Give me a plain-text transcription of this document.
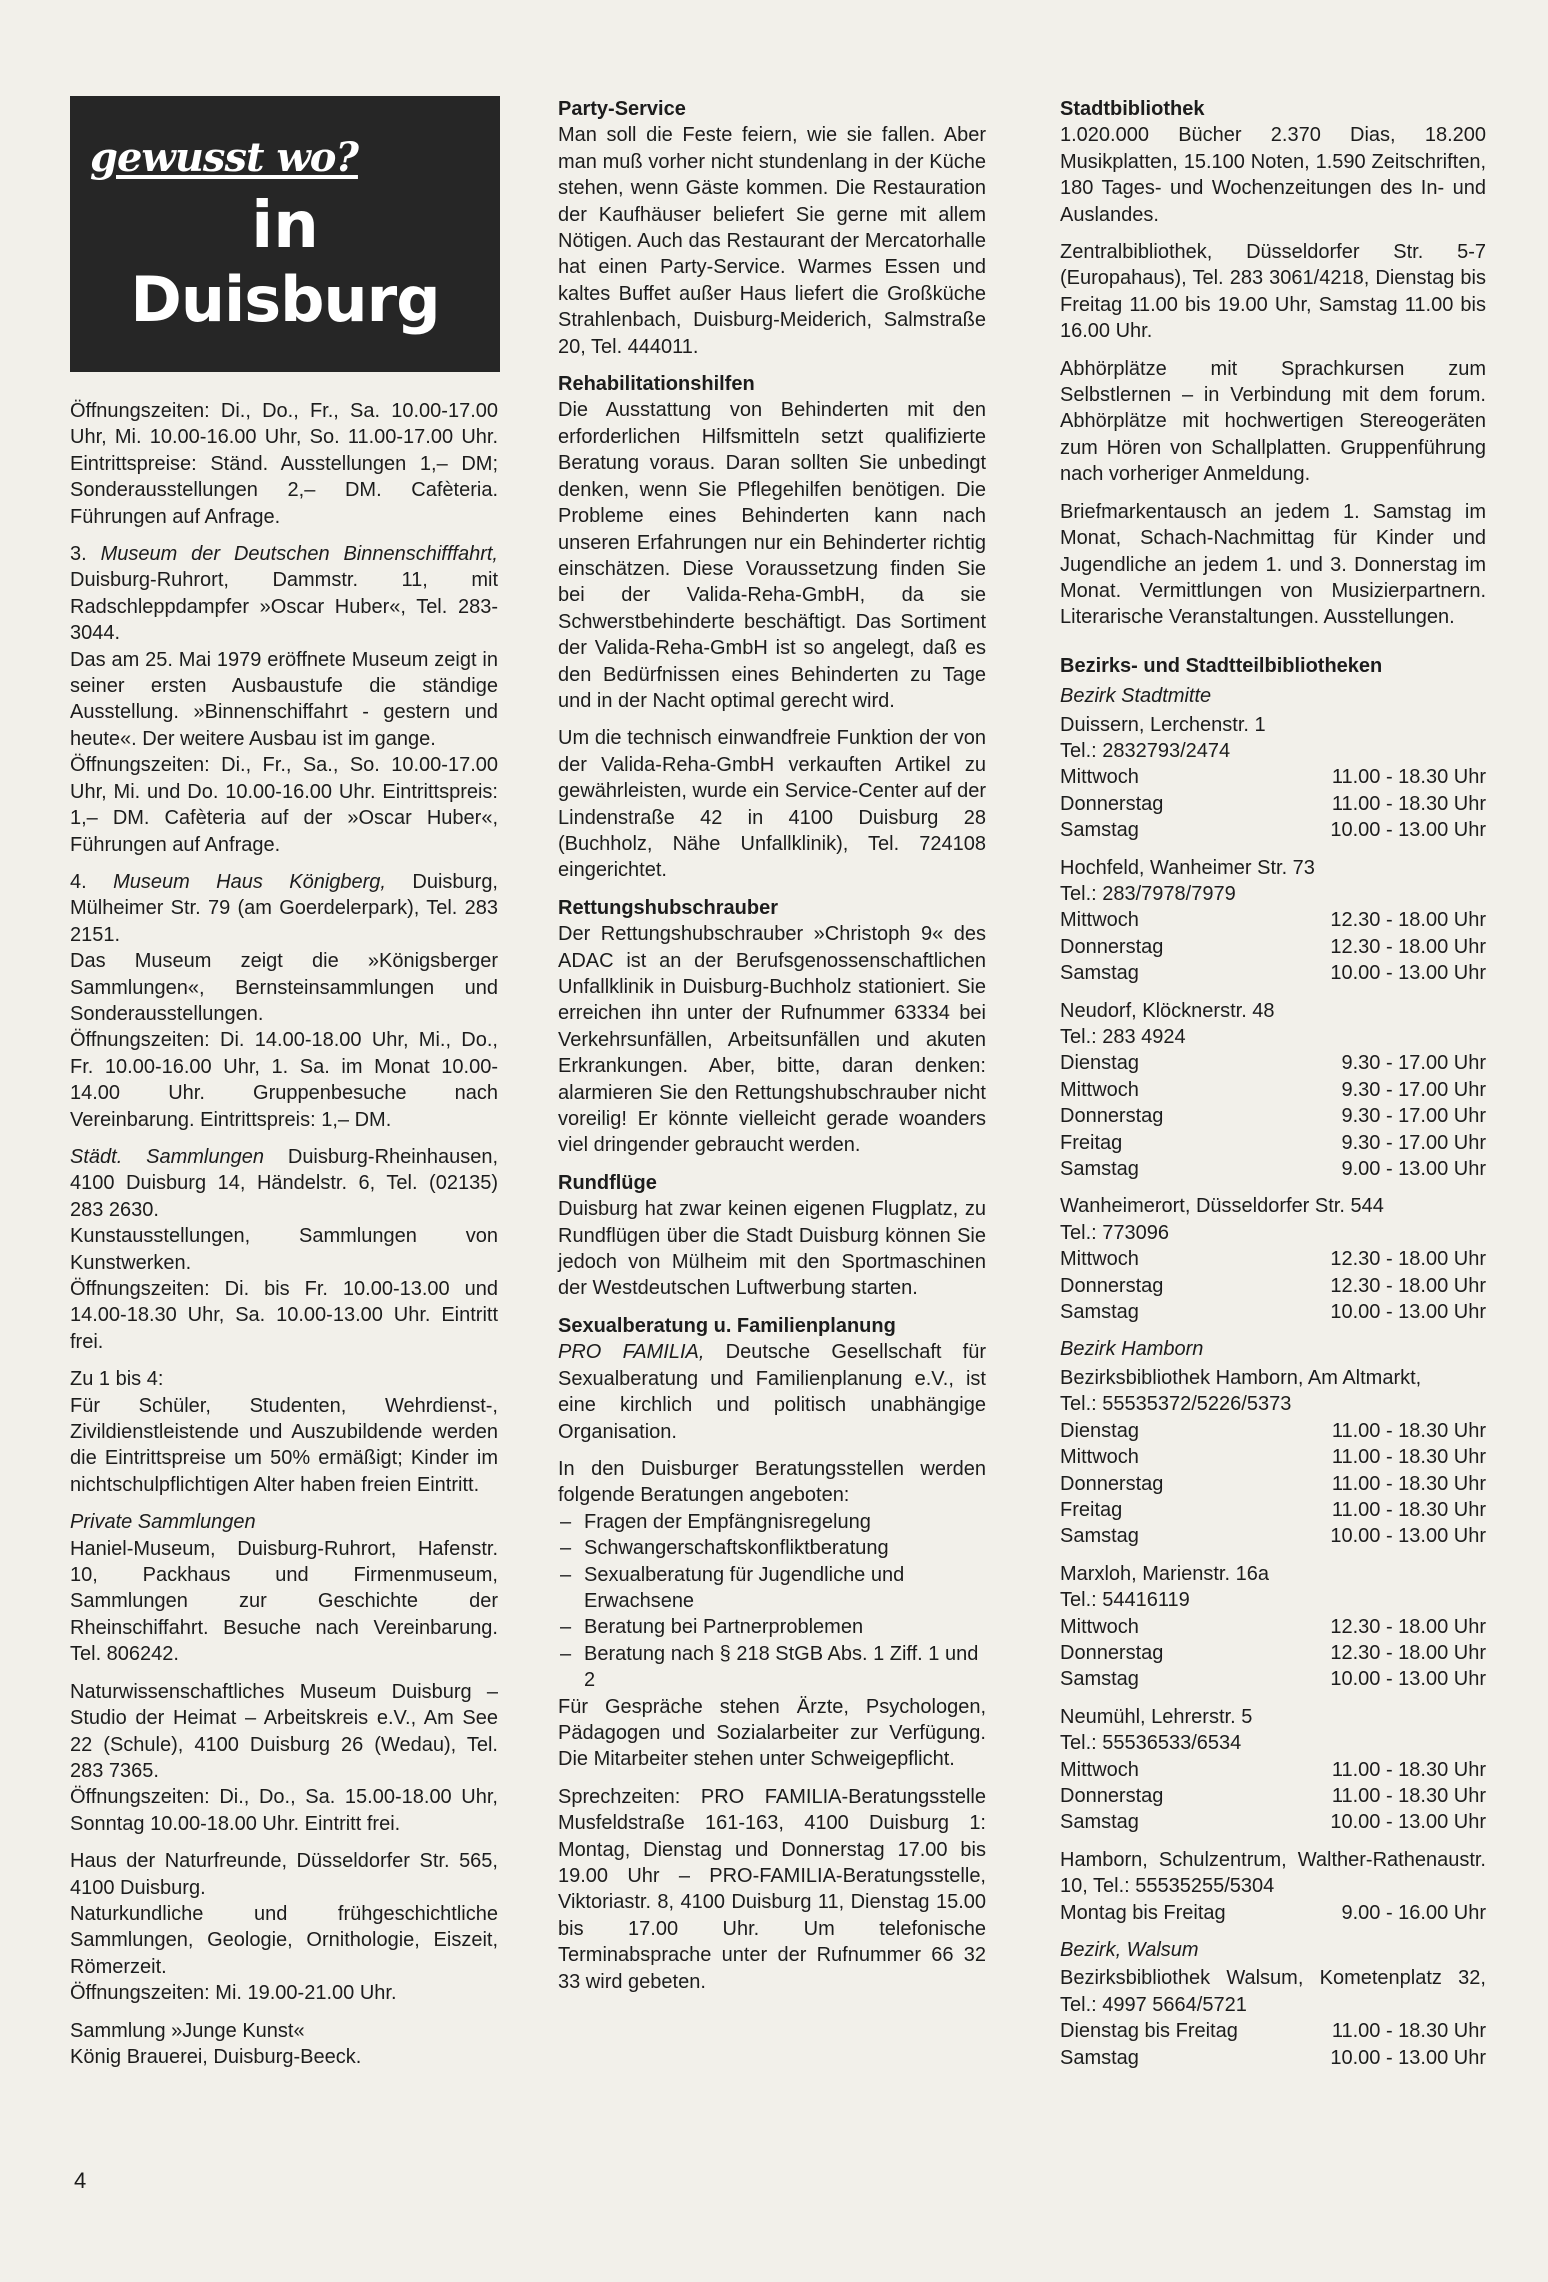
gewusst wo?
in
Duisburg

Öffnungszeiten: Di., Do., Fr., Sa. 10.00-17.00 Uhr, Mi. 10.00-16.00 Uhr, So. 11.00-17.00 Uhr. Eintrittspreise: Ständ. Ausstellungen 1,– DM; Sonderausstellungen 2,– DM. Cafèteria. Führungen auf Anfrage.

3. Museum der Deutschen Binnenschifffahrt, Duisburg-Ruhrort, Dammstr. 11, mit Radschleppdampfer »Oscar Huber«, Tel. 283-3044.

Das am 25. Mai 1979 eröffnete Museum zeigt in seiner ersten Ausbaustufe die ständige Ausstellung. »Binnenschiffahrt - gestern und heute«. Der weitere Ausbau ist im gange.

Öffnungszeiten: Di., Fr., Sa., So. 10.00-17.00 Uhr, Mi. und Do. 10.00-16.00 Uhr. Eintrittspreis: 1,– DM. Cafèteria auf der »Oscar Huber«, Führungen auf Anfrage.

4. Museum Haus Königberg, Duisburg, Mülheimer Str. 79 (am Goerdelerpark), Tel. 283 2151.

Das Museum zeigt die »Königsberger Sammlungen«, Bernsteinsammlungen und Sonderausstellungen.

Öffnungszeiten: Di. 14.00-18.00 Uhr, Mi., Do., Fr. 10.00-16.00 Uhr, 1. Sa. im Monat 10.00-14.00 Uhr. Gruppenbesuche nach Vereinbarung. Eintrittspreis: 1,– DM.

Städt. Sammlungen Duisburg-Rheinhausen, 4100 Duisburg 14, Händelstr. 6, Tel. (02135) 283 2630.

Kunstausstellungen, Sammlungen von Kunstwerken.

Öffnungszeiten: Di. bis Fr. 10.00-13.00 und 14.00-18.30 Uhr, Sa. 10.00-13.00 Uhr. Eintritt frei.

Zu 1 bis 4:

Für Schüler, Studenten, Wehrdienst-, Zivildienstleistende und Auszubildende werden die Eintrittspreise um 50% ermäßigt; Kinder im nichtschulpflichtigen Alter haben freien Eintritt.

Private Sammlungen

Haniel-Museum, Duisburg-Ruhrort, Hafenstr. 10, Packhaus und Firmenmuseum, Sammlungen zur Geschichte der Rheinschiffahrt. Besuche nach Vereinbarung. Tel. 806242.

Naturwissenschaftliches Museum Duisburg – Studio der Heimat – Arbeitskreis e.V., Am See 22 (Schule), 4100 Duisburg 26 (Wedau), Tel. 283 7365.

Öffnungszeiten: Di., Do., Sa. 15.00-18.00 Uhr, Sonntag 10.00-18.00 Uhr. Eintritt frei.

Haus der Naturfreunde, Düsseldorfer Str. 565, 4100 Duisburg.

Naturkundliche und frühgeschichtliche Sammlungen, Geologie, Ornithologie, Eiszeit, Römerzeit.

Öffnungszeiten: Mi. 19.00-21.00 Uhr.

Sammlung »Junge Kunst«

König Brauerei, Duisburg-Beeck.

Party-Service

Man soll die Feste feiern, wie sie fallen. Aber man muß vorher nicht stundenlang in der Küche stehen, wenn Gäste kommen. Die Restauration der Kaufhäuser beliefert Sie gerne mit allem Nötigen. Auch das Restaurant der Mercatorhalle hat einen Party-Service. Warmes Essen und kaltes Buffet außer Haus liefert die Großküche Strahlenbach, Duisburg-Meiderich, Salmstraße 20, Tel. 444011.

Rehabilitationshilfen

Die Ausstattung von Behinderten mit den erforderlichen Hilfsmitteln setzt qualifizierte Beratung voraus. Daran sollten Sie unbedingt denken, wenn Sie Pflegehilfen benötigen. Die Probleme eines Behinderten kann nach unseren Erfahrungen nur ein Behinderter richtig einschätzen. Diese Voraussetzung finden Sie bei der Valida-Reha-GmbH, da sie Schwerstbehinderte beschäftigt. Das Sortiment der Valida-Reha-GmbH ist so angelegt, daß es den Bedürfnissen eines Behinderten zu Tage und in der Nacht optimal gerecht wird.

Um die technisch einwandfreie Funktion der von der Valida-Reha-GmbH verkauften Artikel zu gewährleisten, wurde ein Service-Center auf der Lindenstraße 42 in 4100 Duisburg 28 (Buchholz, Nähe Unfallklinik), Tel. 724108 eingerichtet.

Rettungshubschrauber

Der Rettungshubschrauber »Christoph 9« des ADAC ist an der Berufsgenossenschaftlichen Unfallklinik in Duisburg-Buchholz stationiert. Sie erreichen ihn unter der Rufnummer 63334 bei Verkehrsunfällen, Arbeitsunfällen und akuten Erkrankungen. Aber, bitte, daran denken: alarmieren Sie den Rettungshubschrauber nicht voreilig! Er könnte vielleicht gerade woanders viel dringender gebraucht werden.

Rundflüge

Duisburg hat zwar keinen eigenen Flugplatz, zu Rundflügen über die Stadt Duisburg können Sie jedoch von Mülheim mit den Sportmaschinen der Westdeutschen Luftwerbung starten.

Sexualberatung u. Familienplanung

PRO FAMILIA, Deutsche Gesellschaft für Sexualberatung und Familienplanung e.V., ist eine kirchlich und politisch unabhängige Organisation.

In den Duisburger Beratungsstellen werden folgende Beratungen angeboten:

– Fragen der Empfängnisregelung
– Schwangerschaftskonfliktberatung
– Sexualberatung für Jugendliche und Erwachsene
– Beratung bei Partnerproblemen
– Beratung nach § 218 StGB Abs. 1 Ziff. 1 und 2

Für Gespräche stehen Ärzte, Psychologen, Pädagogen und Sozialarbeiter zur Verfügung. Die Mitarbeiter stehen unter Schweigepflicht.

Sprechzeiten: PRO FAMILIA-Beratungsstelle Musfeldstraße 161-163, 4100 Duisburg 1: Montag, Dienstag und Donnerstag 17.00 bis 19.00 Uhr – PRO-FAMILIA-Beratungsstelle, Viktoriastr. 8, 4100 Duisburg 11, Dienstag 15.00 bis 17.00 Uhr. Um telefonische Terminabsprache unter der Rufnummer 66 32 33 wird gebeten.

Stadtbibliothek

1.020.000 Bücher 2.370 Dias, 18.200 Musikplatten, 15.100 Noten, 1.590 Zeitschriften, 180 Tages- und Wochenzeitungen des In- und Auslandes.

Zentralbibliothek, Düsseldorfer Str. 5-7 (Europahaus), Tel. 283 3061/4218, Dienstag bis Freitag 11.00 bis 19.00 Uhr, Samstag 11.00 bis 16.00 Uhr.

Abhörplätze mit Sprachkursen zum Selbstlernen – in Verbindung mit dem forum. Abhörplätze mit hochwertigen Stereogeräten zum Hören von Schallplatten. Gruppenführung nach vorheriger Anmeldung.

Briefmarkentausch an jedem 1. Samstag im Monat, Schach-Nachmittag für Kinder und Jugendliche an jedem 1. und 3. Donnerstag im Monat. Vermittlungen von Musizierpartnern. Literarische Veranstaltungen. Ausstellungen.

Bezirks- und Stadtteilbibliotheken
Bezirk Stadtmitte
Duissern, Lerchenstr. 1
Tel.: 2832793/2474
Mittwoch	11.00 - 18.30 Uhr
Donnerstag	11.00 - 18.30 Uhr
Samstag	10.00 - 13.00 Uhr
Hochfeld, Wanheimer Str. 73
Tel.: 283/7978/7979
Mittwoch	12.30 - 18.00 Uhr
Donnerstag	12.30 - 18.00 Uhr
Samstag	10.00 - 13.00 Uhr
Neudorf, Klöcknerstr. 48
Tel.: 283 4924
Dienstag	9.30 - 17.00 Uhr
Mittwoch	9.30 - 17.00 Uhr
Donnerstag	9.30 - 17.00 Uhr
Freitag	9.30 - 17.00 Uhr
Samstag	9.00 - 13.00 Uhr
Wanheimerort, Düsseldorfer Str. 544
Tel.: 773096
Mittwoch	12.30 - 18.00 Uhr
Donnerstag	12.30 - 18.00 Uhr
Samstag	10.00 - 13.00 Uhr
Bezirk Hamborn
Bezirksbibliothek Hamborn, Am Altmarkt,
Tel.: 55535372/5226/5373
Dienstag	11.00 - 18.30 Uhr
Mittwoch	11.00 - 18.30 Uhr
Donnerstag	11.00 - 18.30 Uhr
Freitag	11.00 - 18.30 Uhr
Samstag	10.00 - 13.00 Uhr
Marxloh, Marienstr. 16a
Tel.: 54416119
Mittwoch	12.30 - 18.00 Uhr
Donnerstag	12.30 - 18.00 Uhr
Samstag	10.00 - 13.00 Uhr
Neumühl, Lehrerstr. 5
Tel.: 55536533/6534
Mittwoch	11.00 - 18.30 Uhr
Donnerstag	11.00 - 18.30 Uhr
Samstag	10.00 - 13.00 Uhr
Hamborn, Schulzentrum, Walther-Rathenaustr. 10, Tel.: 55535255/5304
Montag bis Freitag	9.00 - 16.00 Uhr
Bezirk, Walsum
Bezirksbibliothek Walsum, Kometenplatz 32, Tel.: 4997 5664/5721
Dienstag bis Freitag	11.00 - 18.30 Uhr
Samstag	10.00 - 13.00 Uhr
4
